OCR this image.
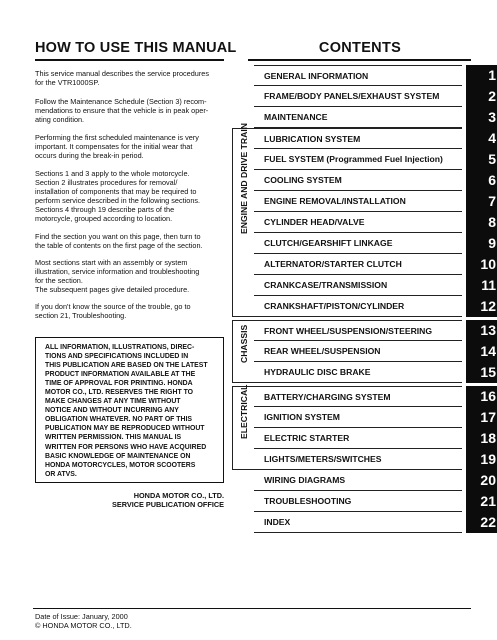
HOW TO USE THIS MANUAL	CONTENTS

This service manual describes the service procedures
for the VTR1000SP.

Follow the Maintenance Schedule (Section 3) recom-
mendations to ensure that the vehicle is in peak oper-
ating condition.

Performing the first scheduled maintenance is very
important. It compensates for the initial wear that
occurs during the break-in period.

Sections 1 and 3 apply to the whole motorcycle.
Section 2 illustrates procedures for removal/
installation of components that may be required to
perform service described in the following sections.
Sections 4 through 19 describe parts of the
motorcycle, grouped according to location.

Find the section you want on this page, then turn to
the table of contents on the first page of the section.

Most sections start with an assembly or system
illustration, service information and troubleshooting
for the section.
The subsequent pages give detailed procedure.

If you don't know the source of the trouble, go to
section 21, Troubleshooting.

ALL INFORMATION, ILLUSTRATIONS, DIREC-
TIONS AND SPECIFICATIONS INCLUDED IN
THIS PUBLICATION ARE BASED ON THE LATEST
PRODUCT INFORMATION AVAILABLE AT THE
TIME OF APPROVAL FOR PRINTING. HONDA
MOTOR CO., LTD. RESERVES THE RIGHT TO
MAKE CHANGES AT ANY TIME WITHOUT
NOTICE AND WITHOUT INCURRING ANY
OBLIGATION WHATEVER. NO PART OF THIS
PUBLICATION MAY BE REPRODUCED WITHOUT
WRITTEN PERMISSION. THIS MANUAL IS
WRITTEN FOR PERSONS WHO HAVE ACQUIRED
BASIC KNOWLEDGE OF MAINTENANCE ON
HONDA MOTORCYCLES, MOTOR SCOOTERS
OR ATVS.
HONDA MOTOR CO., LTD.
SERVICE PUBLICATION OFFICE
Date of Issue: January, 2000
© HONDA MOTOR CO., LTD.
ENGINE AND DRIVE TRAIN
CHASSIS
ELECTRICAL
GENERAL INFORMATION	1
FRAME/BODY PANELS/EXHAUST SYSTEM	2
MAINTENANCE	3
LUBRICATION SYSTEM	4
FUEL SYSTEM (Programmed Fuel Injection)	5
COOLING SYSTEM	6
ENGINE REMOVAL/INSTALLATION	7
CYLINDER HEAD/VALVE	8
CLUTCH/GEARSHIFT LINKAGE	9
ALTERNATOR/STARTER CLUTCH	10
CRANKCASE/TRANSMISSION	11
CRANKSHAFT/PISTON/CYLINDER	12
FRONT WHEEL/SUSPENSION/STEERING	13
REAR WHEEL/SUSPENSION	14
HYDRAULIC DISC BRAKE	15
BATTERY/CHARGING SYSTEM	16
IGNITION SYSTEM	17
ELECTRIC STARTER	18
LIGHTS/METERS/SWITCHES	19
WIRING DIAGRAMS	20
TROUBLESHOOTING	21
INDEX	22
